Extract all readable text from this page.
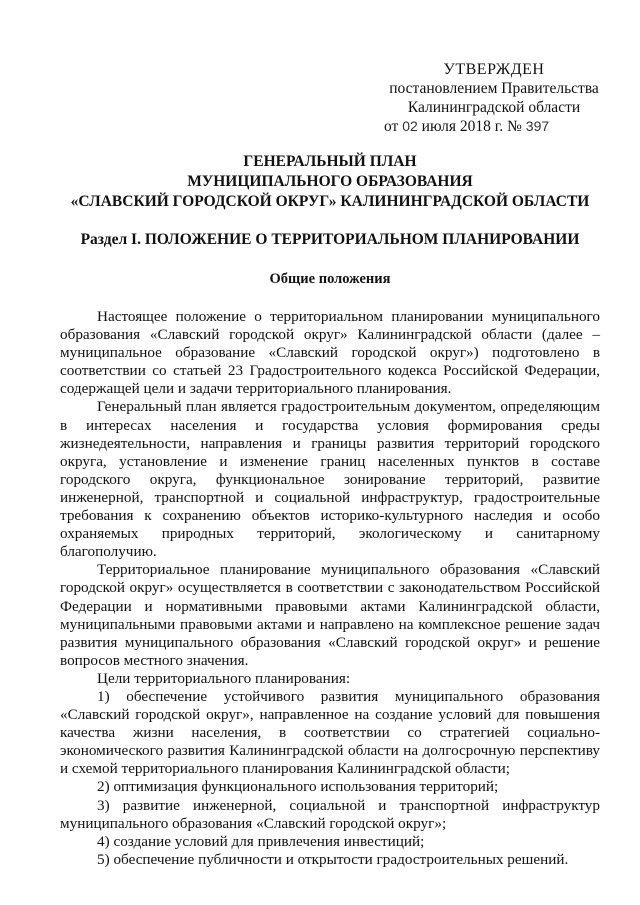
УТВЕРЖДЕН
постановлением Правительства
Калининградской области
от 02 июля 2018 г. № 397
ГЕНЕРАЛЬНЫЙ ПЛАН
МУНИЦИПАЛЬНОГО ОБРАЗОВАНИЯ
«СЛАВСКИЙ ГОРОДСКОЙ ОКРУГ» КАЛИНИНГРАДСКОЙ ОБЛАСТИ
Раздел I. ПОЛОЖЕНИЕ О ТЕРРИТОРИАЛЬНОМ ПЛАНИРОВАНИИ
Общие положения

Настоящее положение о территориальном планировании муниципального образования «Славский городской округ» Калининградской области (далее – муниципальное образование «Славский городской округ») подготовлено в соответствии со статьей 23 Градостроительного кодекса Российской Федерации, содержащей цели и задачи территориального планирования.

Генеральный план является градостроительным документом, определяющим в интересах населения и государства условия формирования среды жизнедеятельности, направления и границы развития территорий городского округа, установление и изменение границ населенных пунктов в составе городского округа, функциональное зонирование территорий, развитие инженерной, транспортной и социальной инфраструктур, градостроительные требования к сохранению объектов историко-культурного наследия и особо охраняемых природных территорий, экологическому и санитарному благополучию.

Территориальное планирование муниципального образования «Славский городской округ» осуществляется в соответствии с законодательством Российской Федерации и нормативными правовыми актами Калининградской области, муниципальными правовыми актами и направлено на комплексное решение задач развития муниципального образования «Славский городской округ» и решение вопросов местного значения.

Цели территориального планирования:

1) обеспечение устойчивого развития муниципального образования «Славский городской округ», направленное на создание условий для повышения качества жизни населения, в соответствии со стратегией социально-экономического развития Калининградской области на долгосрочную перспективу и схемой территориального планирования Калининградской области;

2) оптимизация функционального использования территорий;

3) развитие инженерной, социальной и транспортной инфраструктур муниципального образования «Славский городской округ»;

4) создание условий для привлечения инвестиций;

5) обеспечение публичности и открытости градостроительных решений.
